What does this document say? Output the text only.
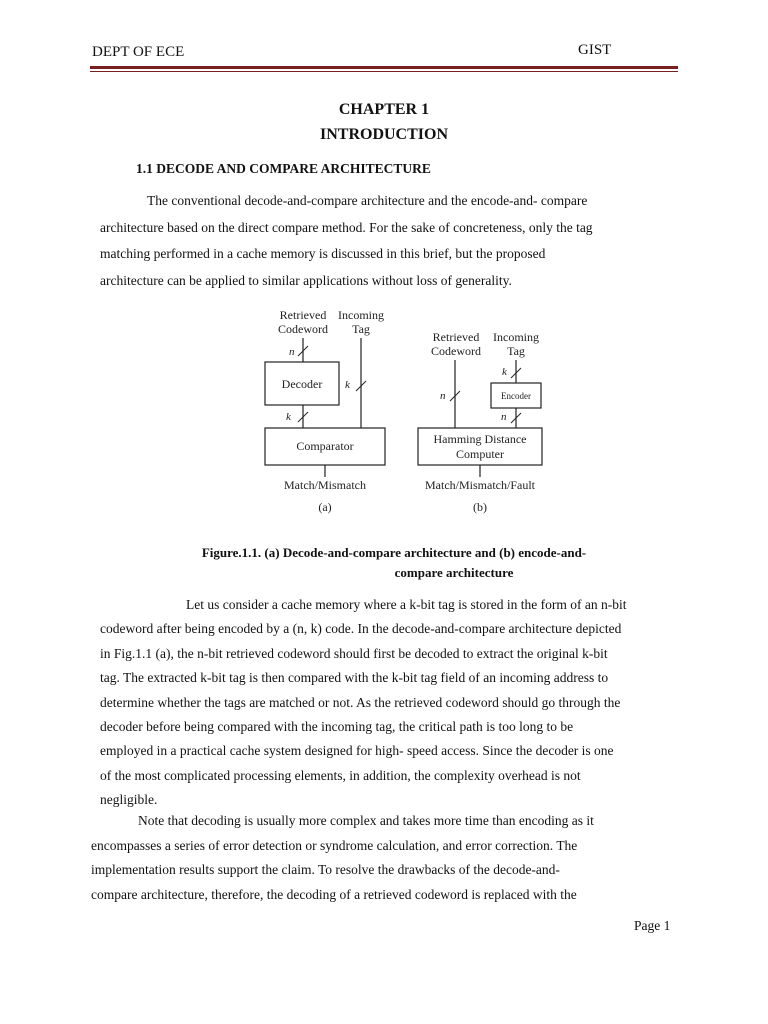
DEPT OF ECE	GIST
CHAPTER 1
INTRODUCTION
1.1 DECODE AND COMPARE ARCHITECTURE
The conventional decode-and-compare architecture and the encode-and- compare
architecture based on the direct compare method. For the sake of concreteness, only the tag
matching performed in a cache memory is discussed in this brief, but the proposed
architecture can be applied to similar applications without loss of generality.
Retrieved
Codeword
Incoming
Tag
n
Decoder
k
k
Comparator
Match/Mismatch
(a)
Retrieved
Codeword
Incoming
Tag
n
k
Encoder
n
Hamming Distance
Computer
Match/Mismatch/Fault
(b)
Figure.1.1. (a) Decode-and-compare architecture and (b) encode-and-
compare architecture
Let us consider a cache memory where a k-bit tag is stored in the form of an n-bit
codeword after being encoded by a (n, k) code. In the decode-and-compare architecture depicted
in Fig.1.1 (a), the n-bit retrieved codeword should first be decoded to extract the original k-bit
tag. The extracted k-bit tag is then compared with the k-bit tag field of an incoming address to
determine whether the tags are matched or not. As the retrieved codeword should go through the
decoder before being compared with the incoming tag, the critical path is too long to be
employed in a practical cache system designed for high- speed access. Since the decoder is one
of the most complicated processing elements, in addition, the complexity overhead is not
negligible.
Note that decoding is usually more complex and takes more time than encoding as it
encompasses a series of error detection or syndrome calculation, and error correction. The
implementation results support the claim. To resolve the drawbacks of the decode-and-
compare architecture, therefore, the decoding of a retrieved codeword is replaced with the
Page 1
